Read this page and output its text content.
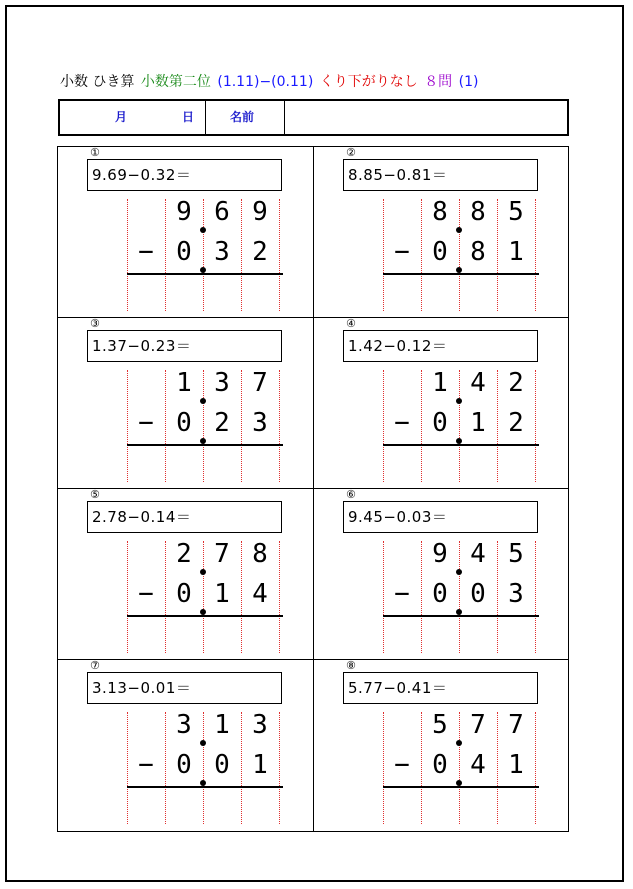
小数 ひき算 小数第二位 (1.11)−(0.11) くり下がりなし ８問 (1)
月	日	名前
①
9.69−0.32＝
9 6 9
− 0 3 2
②
8.85−0.81＝
8 8 5
− 0 8 1
③
1.37−0.23＝
1 3 7
− 0 2 3
④
1.42−0.12＝
1 4 2
− 0 1 2
⑤
2.78−0.14＝
2 7 8
− 0 1 4
⑥
9.45−0.03＝
9 4 5
− 0 0 3
⑦
3.13−0.01＝
3 1 3
− 0 0 1
⑧
5.77−0.41＝
5 7 7
− 0 4 1
